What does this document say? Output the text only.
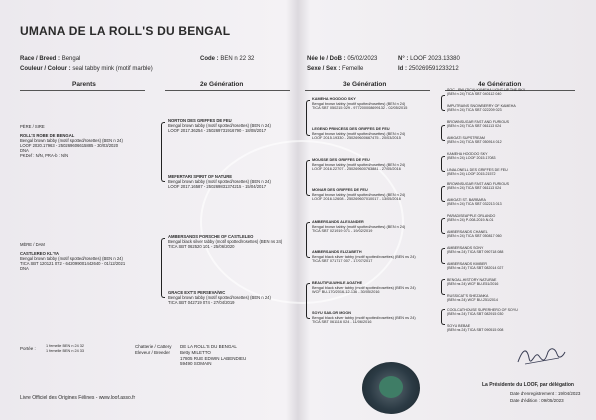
UMANA DE LA ROLL'S DU BENGAL
Race / Breed : Bengal	Code : BEN n 22 32	Née le / DoB : 05/02/2023	N° : LOOF 2023.13380
Couleur / Colour : seal tabby mink (motif marble)	Sexe / Sex : Femelle	Id : 250269591233212
Parents	2e Génération	3e Génération	4e Génération
PÈRE / SIRE
ROLL'S ROBE DE BENGAL
Bengal brown tabby (motif spotted/rosettes) (BEN n 24)
LOOF 2020.17963 - 250269606615885 - 30/03/2020
DNA
PKDef : N/N, PRA-b : N/N
MÈRE / DAM
CASTLEREO KL'YA
Bengal brown tabby (motif spotted/rosettes) (BEN n 24)
TICA SBT 120121 072 - 642099001442640 - 01/12/2021
DNA
NORTON DES GRIFFES DE FEU
Bengal brown tabby (motif spotted/rosettes) (BEN n 24)
LOOF 2017.36254 - 250269731916790 - 18/08/2017
MEFERTARI SPIRIT OF NATURE
Bengal brown tabby (motif spotted/rosettes) (BEN n 24)
LOOF 2017.16587 - 250269831374215 - 15/04/2017
AMBERSANDS PORSCHE OF CASTLELEO
Bengal black silver tabby (motif spotted/rosettes) (BEN ns 24)
TICA SBT 062520 101 - 25/06/2020
GRACE EXT'S PERSEVA/WC
Bengal brown tabby (motif spotted/rosettes) (BEN n 24)
TICA SBT 042719 074 - 27/04/2019
KAMEHA HOODOO SKY
Bengal brown tabby (motif spotted/rosettes) (BEN n 24)
TICA SBT 050215 029 - 977200008699132 - 02/05/2015
LEGEND PRINCESS DES GRIFFES DE FEU
Bengal brown tabby (motif spotted/rosettes) (BEN n 24)
LOOF 2015.19330 - 250269600667475 - 20/03/2015
MOUSSE DES GRIFFES DE FEU
Bengal brown tabby (motif spotted/rosettes) (BEN n 24)
LOOF 2016.22707 - 250269600763881 - 27/05/2016
MONAR DES GRIFFES DE FEU
Bengal brown tabby (motif spotted/rosettes) (BEN n 24)
LOOF 2016.12608 - 250269607010017 - 13/05/2016
AMBERSANDS ALEXANDER
Bengal brown tabby (motif spotted/rosettes) (BEN n 24)
TICA SBT 021919 071 - 19/02/2019
AMBERSANDS ELIZABETH
Bengal black silver tabby (motif spotted/rosettes) (BEN ns 24)
TICA SBT 071717 007 - 17/07/2017
BEAUTIFULWHILE AGATHE
Bengal black silver tabby (motif spotted/rosettes) (BEN ns 24)
WCF BU-170/2016-12-136 - 30/05/2016
SOYU SAILOR MOON
Bengal black silver tabby (motif spotted/rosettes) (BEN ns 24)
TICA SBT 061116 024 - 11/06/2016
SOC - RW (TICA) KAMEHA LIGHT UP THE SKY
(BEN n 24) TICA SBT 040112 040
IMPUTRAINS SNOWBERRY OF KAMEHA
(BEN n 24) TICA SBT 022209 023
BROWNSUGAR FAST AND FURIOUS
(BEN n 24) TICA SBT 061113 024
AMIGATI SUPSTREAM
(BEN n 24) TICA SBT 050914 012
KAMEHA HOODOO SKY
(BEN n 24) LOOF 2015.17083
LINALONELL DES GRIFFES DE FEU
(BEN n 24) LOOF 2015.21572
BROWNSUGAR FAST AND FURIOUS
(BEN n 24) TICA SBT 061113 024
AMIGATI ST. BARBARA
(BEN n 24) TICA SBT 032213 013
PARADISEAPPLE ORLANDO
(BEN n 24) P-008-2019-N-01
AMBERSANDS CHANEL
(BEN n 24) TICA SBT 050817 060
AMBERSANDS SONY
(BEN ns 24) TICA SBT 090718 088
AMBERSANDS KIMBER
(BEN ns 24) TICA SBT 082014 027
BENGAL-HISTORY NATURAE
(BEN ns 24) WCF BU-E51/2016
RUSSICAT'S SHEZANKA
(BEN ns 24) WCF BU-251/2014
COOLCATHOUSE SUPERHERO OF SOYU
(BEN ns 24) TICA SBT 082915 030
SOYU BEBAE
(BEN ns 24) TICA SBT 090515 008
Portée :	1 femelle BEN n 24 32
1 femelle BEN n 24 33
Chatterie / Cattery DE LA ROLL'S DU BENGAL
Eleveur / Breeder Betty MILETTO
17805 RUE EDWIN LABENDIEU
59490 SOMAIN
Livre Officiel des Origines Félines - www.loof.asso.fr
La Présidente du LOOF, par délégation
Date d'enregistrement : 19/04/2023
Date d'édition : 09/05/2023
